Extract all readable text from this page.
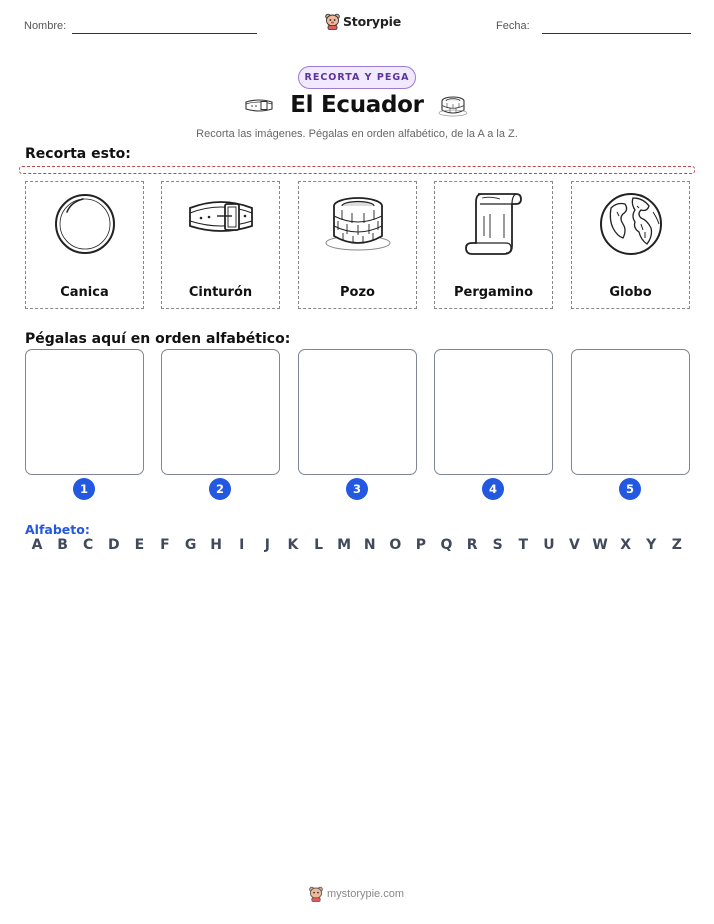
Nombre:	Storypie	Fecha:
RECORTA Y PEGA
El Ecuador
Recorta las imágenes. Pégalas en orden alfabético, de la A a la Z.
Recorta esto:
Canica	Cinturón	Pozo	Pergamino	Globo
Pégalas aquí en orden alfabético:
1	2	3	4	5
Alfabeto:
A	B	C	D	E	F	G H	I	J	K	L	M N O	P	Q	R	S	T	U	V W X	Y	Z
mystorypie.com
